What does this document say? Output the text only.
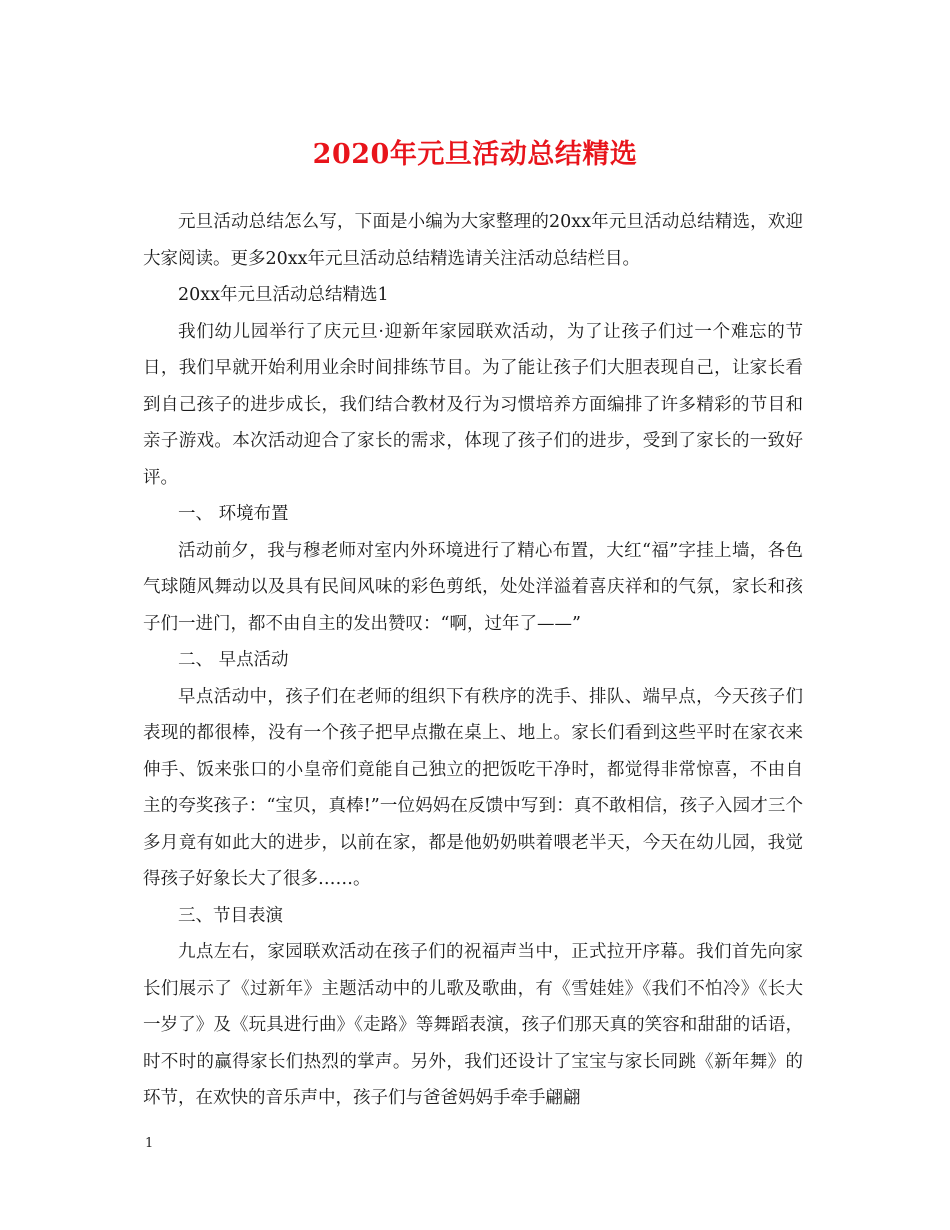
2020年元旦活动总结精选

元旦活动总结怎么写，下面是小编为大家整理的20xx年元旦活动总结精选，欢迎大家阅读。更多20xx年元旦活动总结精选请关注活动总结栏目。

20xx年元旦活动总结精选1

我们幼儿园举行了庆元旦·迎新年家园联欢活动，为了让孩子们过一个难忘的节日，我们早就开始利用业余时间排练节目。为了能让孩子们大胆表现自己，让家长看到自己孩子的进步成长，我们结合教材及行为习惯培养方面编排了许多精彩的节目和亲子游戏。本次活动迎合了家长的需求，体现了孩子们的进步，受到了家长的一致好评。

一、 环境布置

活动前夕，我与穆老师对室内外环境进行了精心布置，大红“福”字挂上墙，各色气球随风舞动以及具有民间风味的彩色剪纸，处处洋溢着喜庆祥和的气氛，家长和孩子们一进门，都不由自主的发出赞叹：“啊，过年了——”

二、 早点活动

早点活动中，孩子们在老师的组织下有秩序的洗手、排队、端早点，今天孩子们表现的都很棒，没有一个孩子把早点撒在桌上、地上。家长们看到这些平时在家衣来伸手、饭来张口的小皇帝们竟能自己独立的把饭吃干净时，都觉得非常惊喜，不由自主的夸奖孩子：“宝贝，真棒!”一位妈妈在反馈中写到：真不敢相信，孩子入园才三个多月竟有如此大的进步，以前在家，都是他奶奶哄着喂老半天，今天在幼儿园，我觉得孩子好象长大了很多……。

三、节目表演

九点左右，家园联欢活动在孩子们的祝福声当中，正式拉开序幕。我们首先向家长们展示了《过新年》主题活动中的儿歌及歌曲，有《雪娃娃》《我们不怕冷》《长大一岁了》及《玩具进行曲》《走路》等舞蹈表演，孩子们那天真的笑容和甜甜的话语，时不时的赢得家长们热烈的掌声。另外，我们还设计了宝宝与家长同跳《新年舞》的环节，在欢快的音乐声中，孩子们与爸爸妈妈手牵手翩翩

1
